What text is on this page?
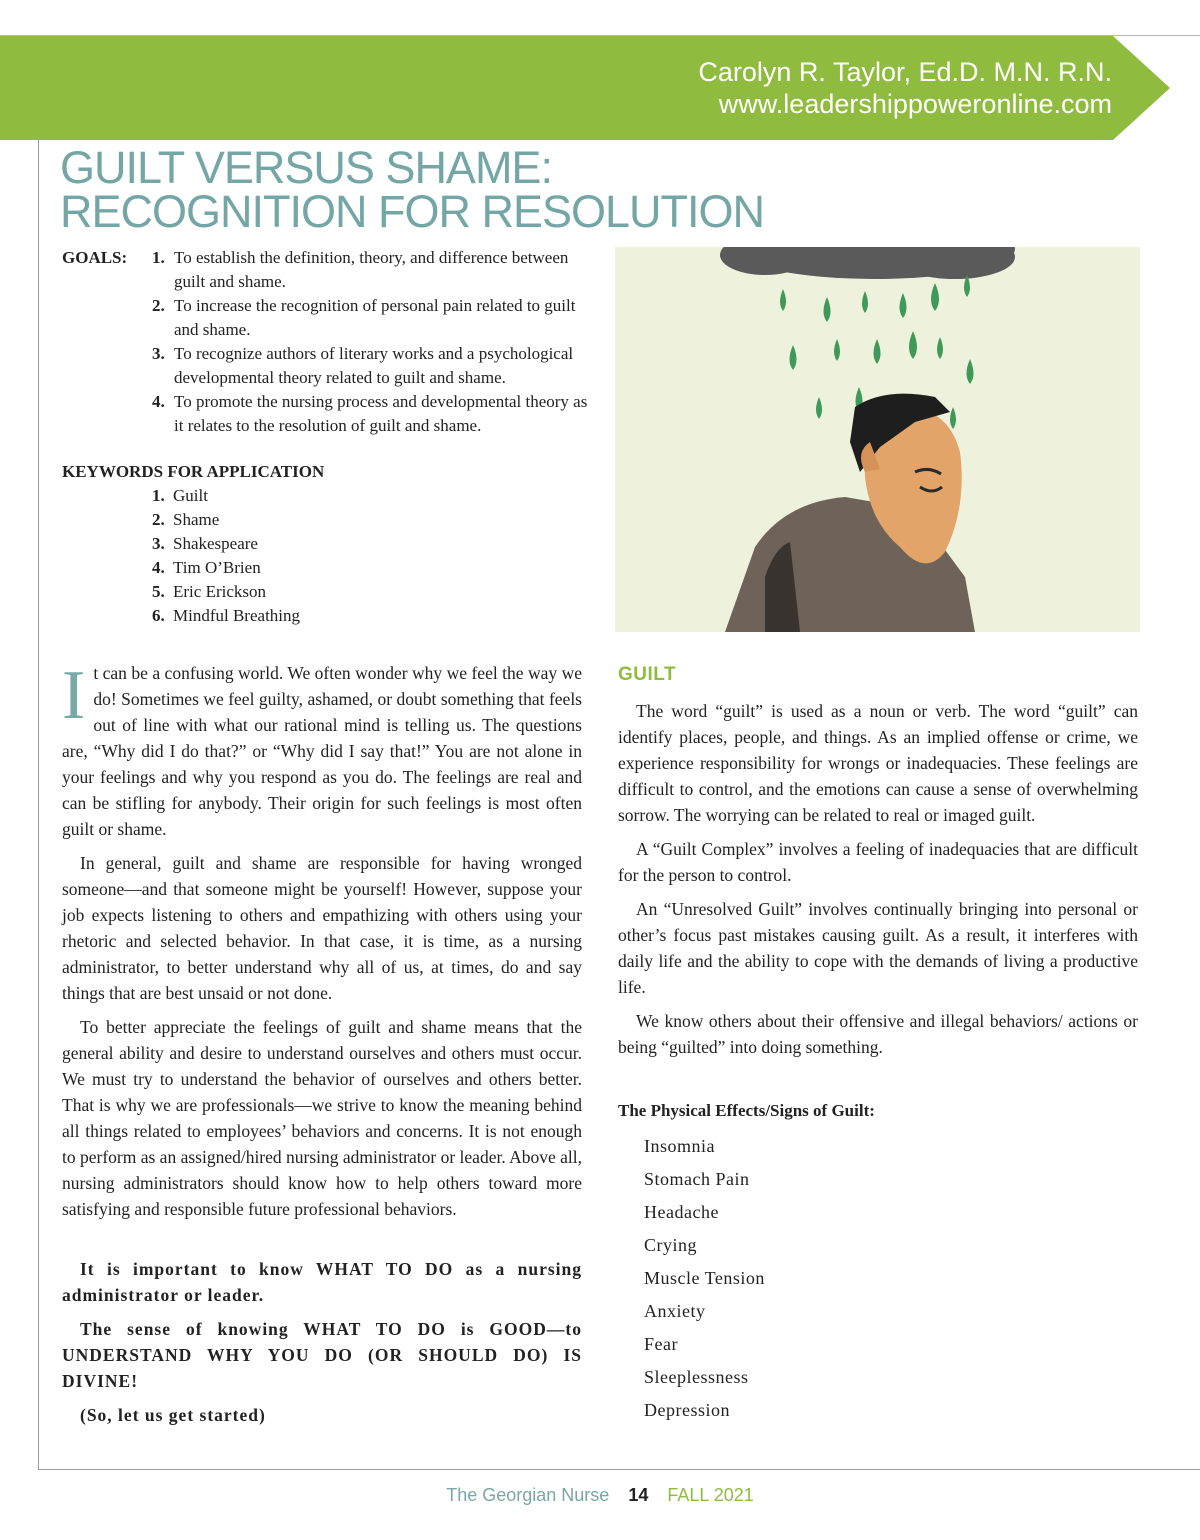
Carolyn R. Taylor, Ed.D. M.N. R.N.
www.leadershippoweronline.com
GUILT VERSUS SHAME:
RECOGNITION FOR RESOLUTION
GOALS: 1. To establish the definition, theory, and difference between guilt and shame.
2. To increase the recognition of personal pain related to guilt and shame.
3. To recognize authors of literary works and a psychological developmental theory related to guilt and shame.
4. To promote the nursing process and developmental theory as it relates to the resolution of guilt and shame.
KEYWORDS FOR APPLICATION
1. Guilt
2. Shame
3. Shakespeare
4. Tim O’Brien
5. Eric Erickson
6. Mindful Breathing

It can be a confusing world. We often wonder why we feel the way we do! Sometimes we feel guilty, ashamed, or doubt something that feels out of line with what our rational mind is telling us. The questions are, “Why did I do that?” or “Why did I say that!” You are not alone in your feelings and why you respond as you do. The feelings are real and can be stifling for anybody. Their origin for such feelings is most often guilt or shame.

In general, guilt and shame are responsible for having wronged someone—and that someone might be yourself! However, suppose your job expects listening to others and empathizing with others using your rhetoric and selected behavior. In that case, it is time, as a nursing administrator, to better understand why all of us, at times, do and say things that are best unsaid or not done.

To better appreciate the feelings of guilt and shame means that the general ability and desire to understand ourselves and others must occur. We must try to understand the behavior of ourselves and others better. That is why we are professionals—we strive to know the meaning behind all things related to employees’ behaviors and concerns. It is not enough to perform as an assigned/hired nursing administrator or leader. Above all, nursing administrators should know how to help others toward more satisfying and responsible future professional behaviors.

It is important to know WHAT TO DO as a nursing administrator or leader.

The sense of knowing WHAT TO DO is GOOD—to UNDERSTAND WHY YOU DO (OR SHOULD DO) IS DIVINE!

(So, let us get started)

GUILT

The word “guilt” is used as a noun or verb. The word “guilt” can identify places, people, and things. As an implied offense or crime, we experience responsibility for wrongs or inadequacies. These feelings are difficult to control, and the emotions can cause a sense of overwhelming sorrow. The worrying can be related to real or imaged guilt.

A “Guilt Complex” involves a feeling of inadequacies that are difficult for the person to control.

An “Unresolved Guilt” involves continually bringing into personal or other’s focus past mistakes causing guilt. As a result, it interferes with daily life and the ability to cope with the demands of living a productive life.

We know others about their offensive and illegal behaviors/ actions or being “guilted” into doing something.

The Physical Effects/Signs of Guilt:
Insomnia
Stomach Pain
Headache
Crying
Muscle Tension
Anxiety
Fear
Sleeplessness
Depression
The Georgian Nurse 14 FALL 2021
